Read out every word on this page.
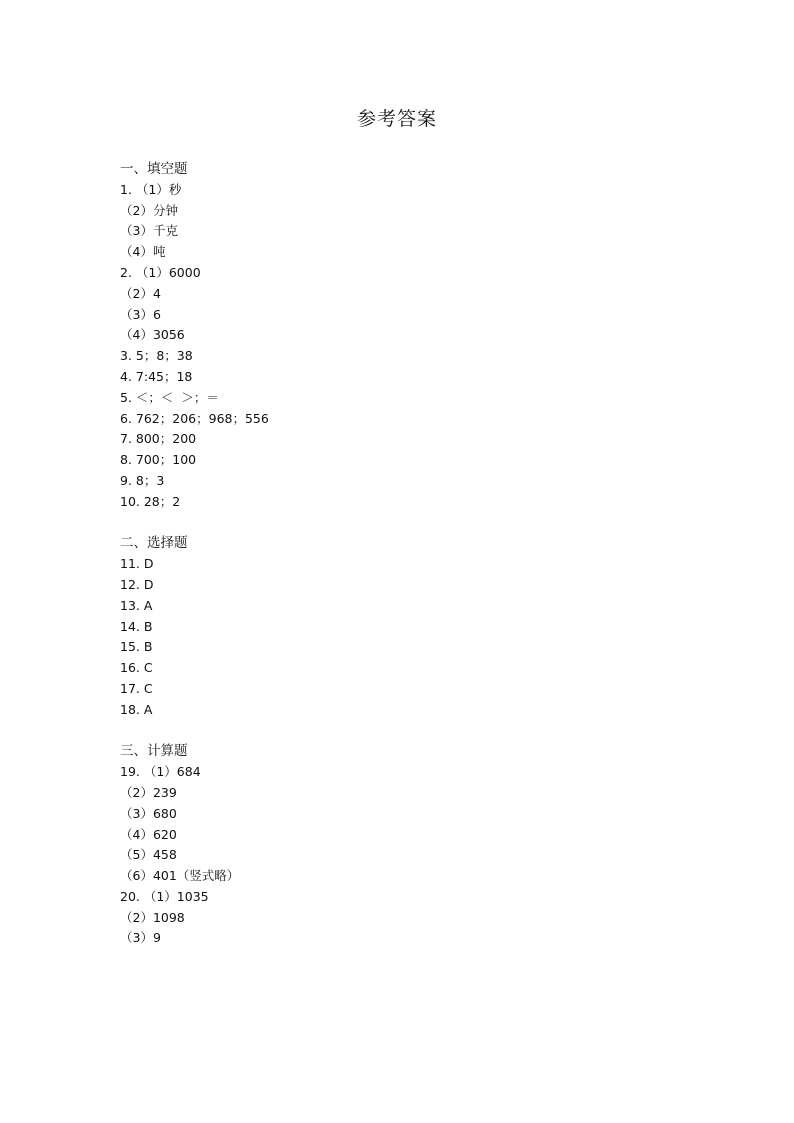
参考答案
一、填空题
1. （1）秒
（2）分钟
（3）千克
（4）吨
2. （1）6000
（2）4
（3）6
（4）3056
3. 5；8；38
4. 7:45；18
5. ＜；＜  ＞；＝
6. 762；206；968；556
7. 800；200
8. 700；100
9. 8；3
10. 28；2
二、选择题
11. D
12. D
13. A
14. B
15. B
16. C
17. C
18. A
三、计算题
19. （1）684
（2）239
（3）680
（4）620
（5）458
（6）401（竖式略）
20. （1）1035
（2）1098
（3）9
